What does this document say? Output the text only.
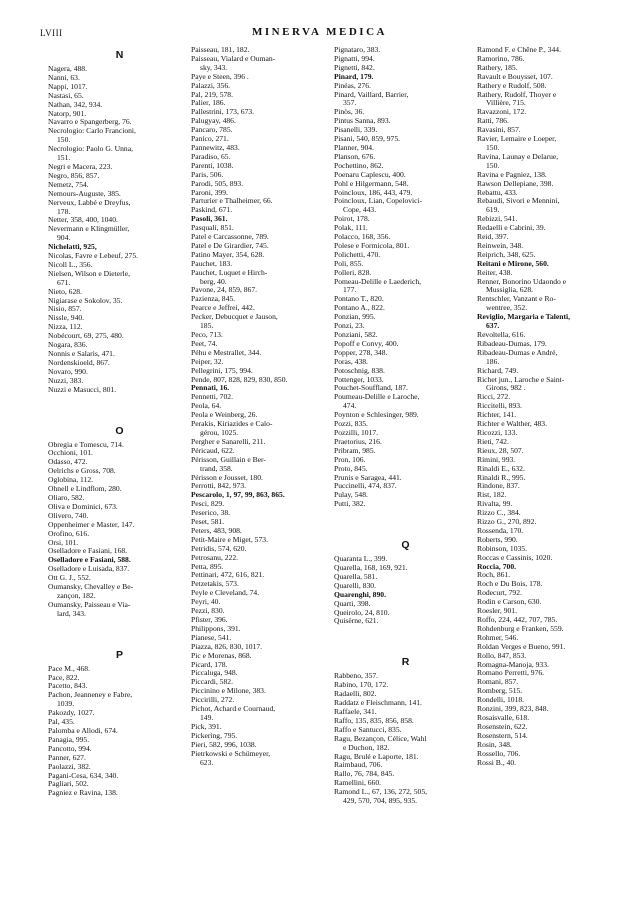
LVIII	MINERVA MEDICA
N
Nagera, 488.
Nanni, 63.
Nappi, 1017.
Nastasi, 65.
Nathan, 342, 934.
Natorp, 901.
Navarro e Spangerberg, 76.
Necrologio: Carlo Francioni,
150.
Necrologio: Paolo G. Unna,
151.
Negri e Macera, 223.
Negro, 856, 857.
Nemetz, 754.
Nemours-Auguste, 385.
Nerveux, Labbé e Dreyfus,
178.
Netter, 358, 400, 1040.
Nevermann e Klingmüller,
904.
Nichelatti, 925,
Nicolas, Favre e Lebeuf, 275.
Nicoll L., 356.
Nielsen, Wilson e Dieterle,
671.
Nieto, 628.
Nigiarase e Sokolov, 35.
Nisio, 857.
Nissle, 940.
Nizza, 112.
Nobécourt, 69, 275, 480.
Nogara, 836.
Nonnis e Salaris, 471.
Nordenskioeld, 867.
Novaro, 990.
Nuzzi, 383.
Nuzzi e Masucci, 801.
O
Obregia e Tomescu, 714.
Occhioni, 101.
Odasso, 472.
Oelrichs e Gross, 708.
Oglobina, 112.
Ohnell e Lindflom, 280.
Oliaro, 582.
Oliva e Dominici, 673.
Olivero, 740.
Oppenheimer e Master, 147.
Orofino, 616.
Orsi, 101.
Oselladore e Fasiani, 168.
Oselladore e Fasiani, 588.
Oselladore e Luisada, 837.
Ott G. J., 552.
Oumansky, Chevalley e Be-
zançon, 182.
Oumansky, Paisseau e Via-
lard, 343.
P
Pace M., 468.
Pace, 822.
Pacetto, 843.
Pachon, Jeanneney e Fabre,
1039.
Pakozdy, 1027.
Pal, 435.
Palomba e Allodi, 674.
Panagia, 995.
Pancotto, 994.
Panner, 627.
Paolazzi, 382.
Pagani-Cesa, 634, 340.
Pagliari, 502.
Pagniez e Ravina, 138.
Paisseau, 181, 182.
Paisseau, Vialard e Ouman-
sky, 343.
Paye e Steen, 396 .
Palazzi, 356.
Pal, 219, 578.
Palier, 186.
Pallestrini, 173, 673.
Palugyay, 486.
Pancaro, 785.
Panico, 271.
Pannewitz, 483.
Paradiso, 65.
Parenti, 1038.
Paris, 506.
Parodi, 505, 893.
Paroni, 399.
Parturier e Thalheimer, 66.
Paskind, 671.
Pasoli, 361.
Pasquali, 851.
Patel e Carcassonne, 789.
Patel e De Girardier, 745.
Patino Mayer, 354, 628.
Pauchet, 183.
Pauchet, Luquet e Hirch-
berg, 40.
Pavone, 24, 859, 867.
Pazienza, 845.
Pearce e Jeffrei, 442.
Pecker, Debucquet e Jauson,
185.
Peco, 713.
Peet, 74.
Péhu e Mestrallet, 344.
Peiper, 32.
Pellegrini, 175, 994.
Pende, 807, 828, 829, 830, 850.
Pennati, 16.
Pennetti, 702.
Peola, 64.
Peola e Weinberg, 26.
Perakis, Kiriazides e Calo-
gérou, 1025.
Pergher e Sanarelli, 211.
Péricaud, 622.
Périsson, Guillain e Ber-
trand, 358.
Périsson e Jousset, 180.
Perrotti, 842, 973.
Pescarolo, 1, 97, 99, 863, 865.
Pesci, 829.
Peserico, 38.
Peset, 581.
Peters, 483, 908.
Petit-Maire e Miget, 573.
Petridis, 574, 620.
Petrosanu, 222.
Petta, 895.
Pettinari, 472, 616, 821.
Petzetakis, 573.
Peyle e Cleveland, 74.
Peyri, 40.
Pezzi, 830.
Pfister, 396.
Philippons, 391.
Pianese, 541.
Piazza, 826, 830, 1017.
Pic e Morenas, 868.
Picard, 178.
Piccaluga, 948.
Piccardi, 582.
Piccinino e Milone, 383.
Piccirilli, 272.
Pichot, Achard e Cournaud,
149.
Pick, 391.
Pickering, 795.
Pieri, 582, 996, 1038.
Pietrkowski e Schümeyer,
623.
Pignataro, 383.
Pignatti, 994.
Pignetti, 842.
Pinard, 179.
Pinéas, 276.
Pinard, Vaillard, Barrier,
357.
Pinòs, 36.
Pintus Sanna, 893.
Pisanelli, 339.
Pisani, 540, 859, 975.
Planner, 904.
Planson, 676.
Pochettino, 862.
Poenaru Caplescu, 400.
Pohl e Hilgermann, 548.
Poincloux, 186, 443, 479.
Poincloux, Lian, Copelovici-
Cope, 443.
Poirot, 178.
Polak, 111.
Polacco, 168, 356.
Polese e Formicola, 801.
Polichetti, 470.
Poli, 855.
Polleri, 828.
Pomeau-Delille e Laederich,
177.
Pontano T., 820.
Pontano A., 822.
Ponzian, 995.
Ponzi, 23.
Ponziani, 582.
Popoff e Convy, 400.
Popper, 278, 348.
Poras, 438.
Potoschnig, 838.
Pottenger, 1033.
Pouchet-Souffland, 187.
Poumeau-Delille e Laroche,
474.
Poynton e Schlesinger, 989.
Pozzi, 835.
Pozzilli, 1017.
Praetorius, 216.
Pribram, 985.
Pron, 106.
Proto, 845.
Prunis e Saragea, 441.
Puccinelli, 474, 837.
Pulay, 548.
Putti, 382.
Q
Quaranta L., 399.
Quarella, 168, 169, 921.
Quarella, 581.
Quarelli, 830.
Quarenghi, 890.
Quarti, 398.
Queirolo, 24, 810.
Quisèrne, 621.
R
Rabbeno, 357.
Rabino, 170, 172.
Radaelli, 802.
Raddatz e Fleischmann, 141.
Raffaele, 341.
Raffo, 135, 835, 856, 858.
Raffo e Santucci, 835.
Ragu, Bezançon, Célice, Wahl
e Duchon, 182.
Ragu, Brulé e Laporte, 181.
Raimbaud, 706.
Rallo, 76, 784, 845.
Ramellini, 660.
Ramond L., 67, 136, 272, 505,
429, 570, 704, 895, 935.
Ramond F. e Chêne P., 344.
Ramorino, 786.
Rathery, 185.
Ravault e Bouysset, 107.
Rathery e Rudolf, 508.
Rathery, Rudolf, Thoyer e
Villière, 715.
Ravazzoni, 172.
Ratti, 786.
Ravasini, 857.
Ravier, Lemaire e Loeper,
150.
Ravina, Launay e Delarue,
150.
Ravina e Pagniez, 138.
Rawson Dellepiane, 398.
Rebattu, 433.
Rebaudi, Sivori e Mennini,
619.
Rebizzi, 541.
Redaelli e Cabrini, 39.
Reid, 397.
Reinwein, 348.
Reiprich, 348, 625.
Reitani e Mirone, 560.
Reiter, 438.
Renner, Bonorino Udaondo e
Mussiglia, 628.
Rentschler, Vanzant e Ro-
wentree, 352.
Reviglio, Margaria e Talenti,
637.
Revoltella, 616.
Ribadeau-Dumas, 179.
Ribadeau-Dumas e André,
186.
Richard, 749.
Richet jun., Laroche e Saint-
Girons, 982 .
Ricci, 272.
Riccitelli, 893.
Richter, 141.
Richter e Walther, 483.
Ricozzi, 133.
Rieti, 742.
Rieux, 28, 507.
Rimini, 993.
Rinaldi E., 632.
Rinaldi R., 995.
Rindone, 837.
Rist, 182.
Rivalta, 99.
Rizzo C., 384.
Rizzo G., 270, 892.
Rossenda, 170.
Roberts, 990.
Robinson, 1035.
Roccas e Cassinis, 1020.
Roccia, 700.
Roch, 861.
Roch e Du Bois, 178.
Rodecurt, 792.
Rodin e Carson, 630.
Roesler, 901.
Roffo, 224, 442, 707, 785.
Rohdenburg e Franken, 559.
Rohmer, 546.
Roldan Verges e Bueno, 991.
Rollo, 847, 853.
Romagna-Manoja, 933.
Romano Perretti, 976.
Romani, 857.
Romberg, 515.
Rondelli, 1018.
Ronzini, 399, 823, 848.
Rosaisvalle, 618.
Rosenstein, 622.
Rosenstern, 514.
Rosin, 348.
Rossello, 706.
Rossi B., 40.
